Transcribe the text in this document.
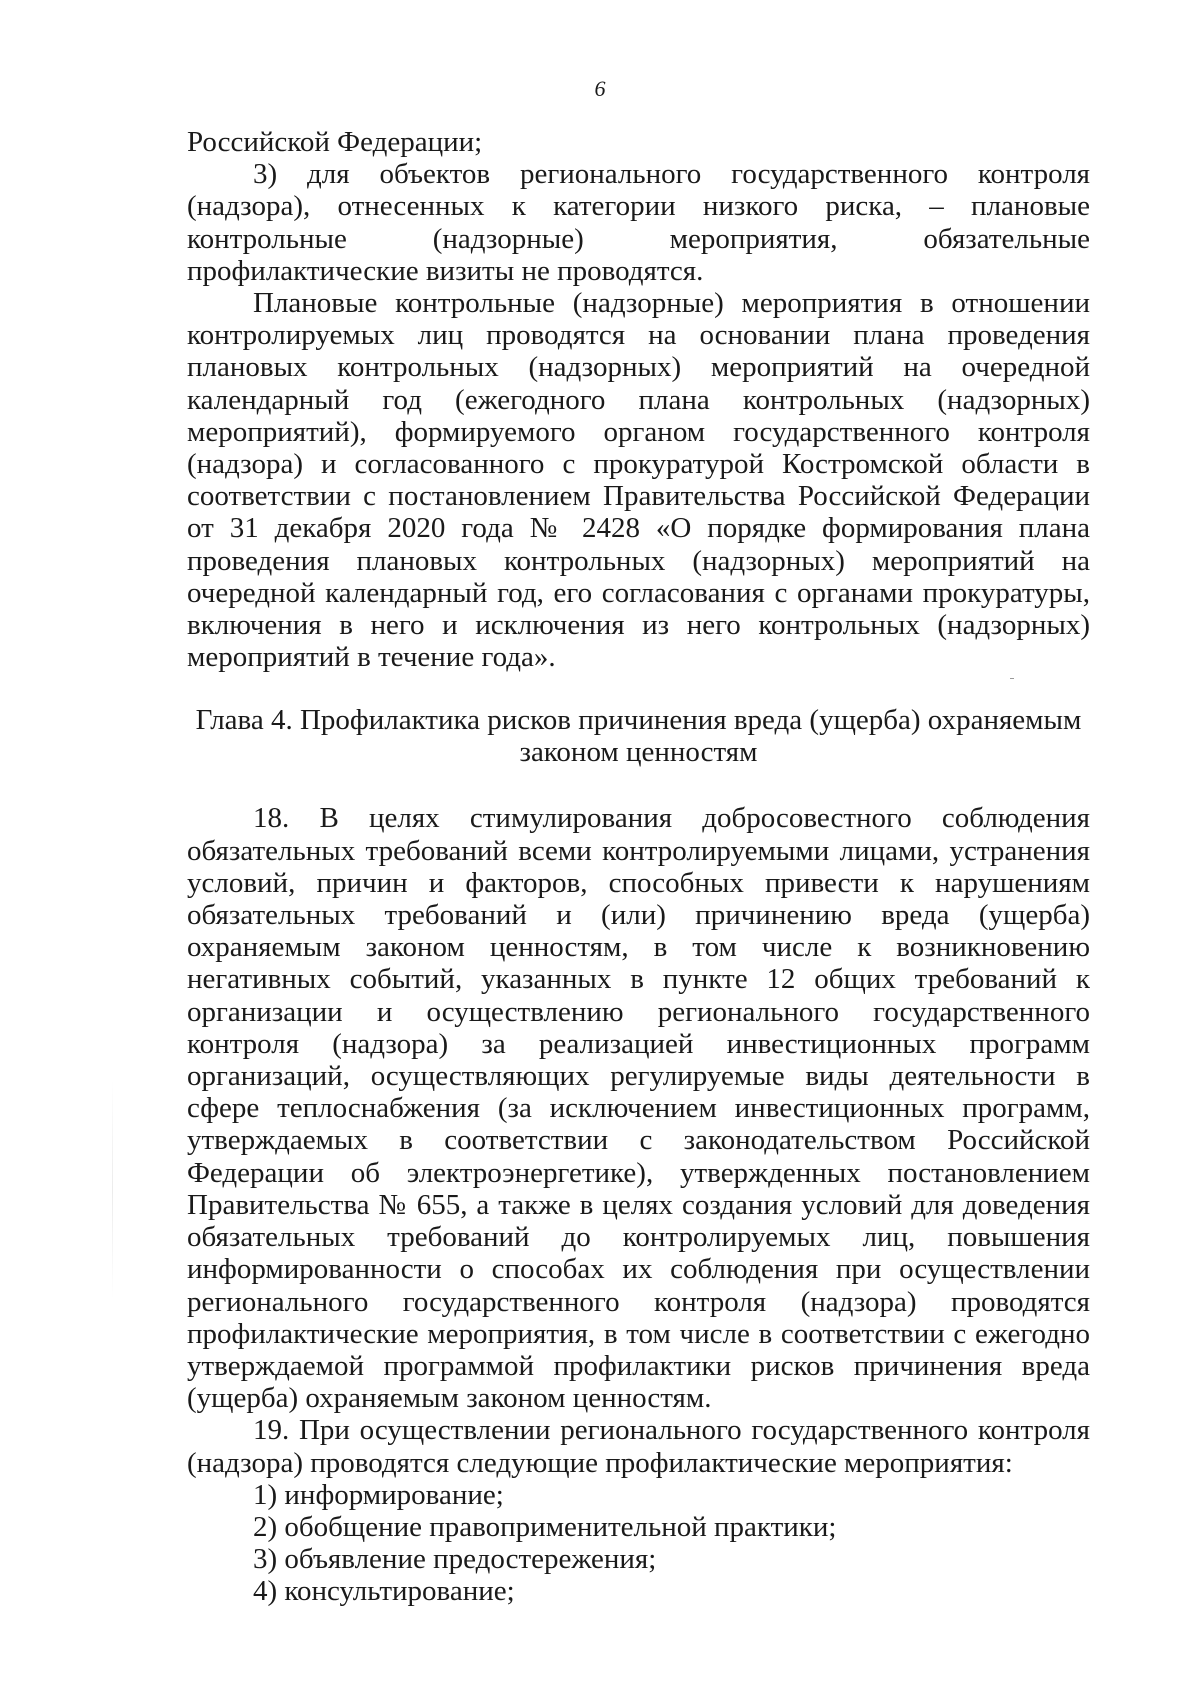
6

Российской Федерации;

3) для объектов регионального государственного контроля (надзора), отнесенных к категории низкого риска, – плановые контрольные (надзорные) мероприятия, обязательные профилактические визиты не проводятся.

Плановые контрольные (надзорные) мероприятия в отношении контролируемых лиц проводятся на основании плана проведения плановых контрольных (надзорных) мероприятий на очередной календарный год (ежегодного плана контрольных (надзорных) мероприятий), формируемого органом государственного контроля (надзора) и согласованного с прокуратурой Костромской области в соответствии с постановлением Правительства Российской Федерации от 31 декабря 2020 года № 2428 «О порядке формирования плана проведения плановых контрольных (надзорных) мероприятий на очередной календарный год, его согласования с органами прокуратуры, включения в него и исключения из него контрольных (надзорных) мероприятий в течение года».

Глава 4. Профилактика рисков причинения вреда (ущерба) охраняемым
законом ценностям

18. В целях стимулирования добросовестного соблюдения обязательных требований всеми контролируемыми лицами, устранения условий, причин и факторов, способных привести к нарушениям обязательных требований и (или) причинению вреда (ущерба) охраняемым законом ценностям, в том числе к возникновению негативных событий, указанных в пункте 12 общих требований к организации и осуществлению регионального государственного контроля (надзора) за реализацией инвестиционных программ организаций, осуществляющих регулируемые виды деятельности в сфере теплоснабжения (за исключением инвестиционных программ, утверждаемых в соответствии с законодательством Российской Федерации об электроэнергетике), утвержденных постановлением Правительства № 655, а также в целях создания условий для доведения обязательных требований до контролируемых лиц, повышения информированности о способах их соблюдения при осуществлении регионального государственного контроля (надзора) проводятся профилактические мероприятия, в том числе в соответствии с ежегодно утверждаемой программой профилактики рисков причинения вреда (ущерба) охраняемым законом ценностям.

19. При осуществлении регионального государственного контроля (надзора) проводятся следующие профилактические мероприятия:

1) информирование;

2) обобщение правоприменительной практики;

3) объявление предостережения;

4) консультирование;
